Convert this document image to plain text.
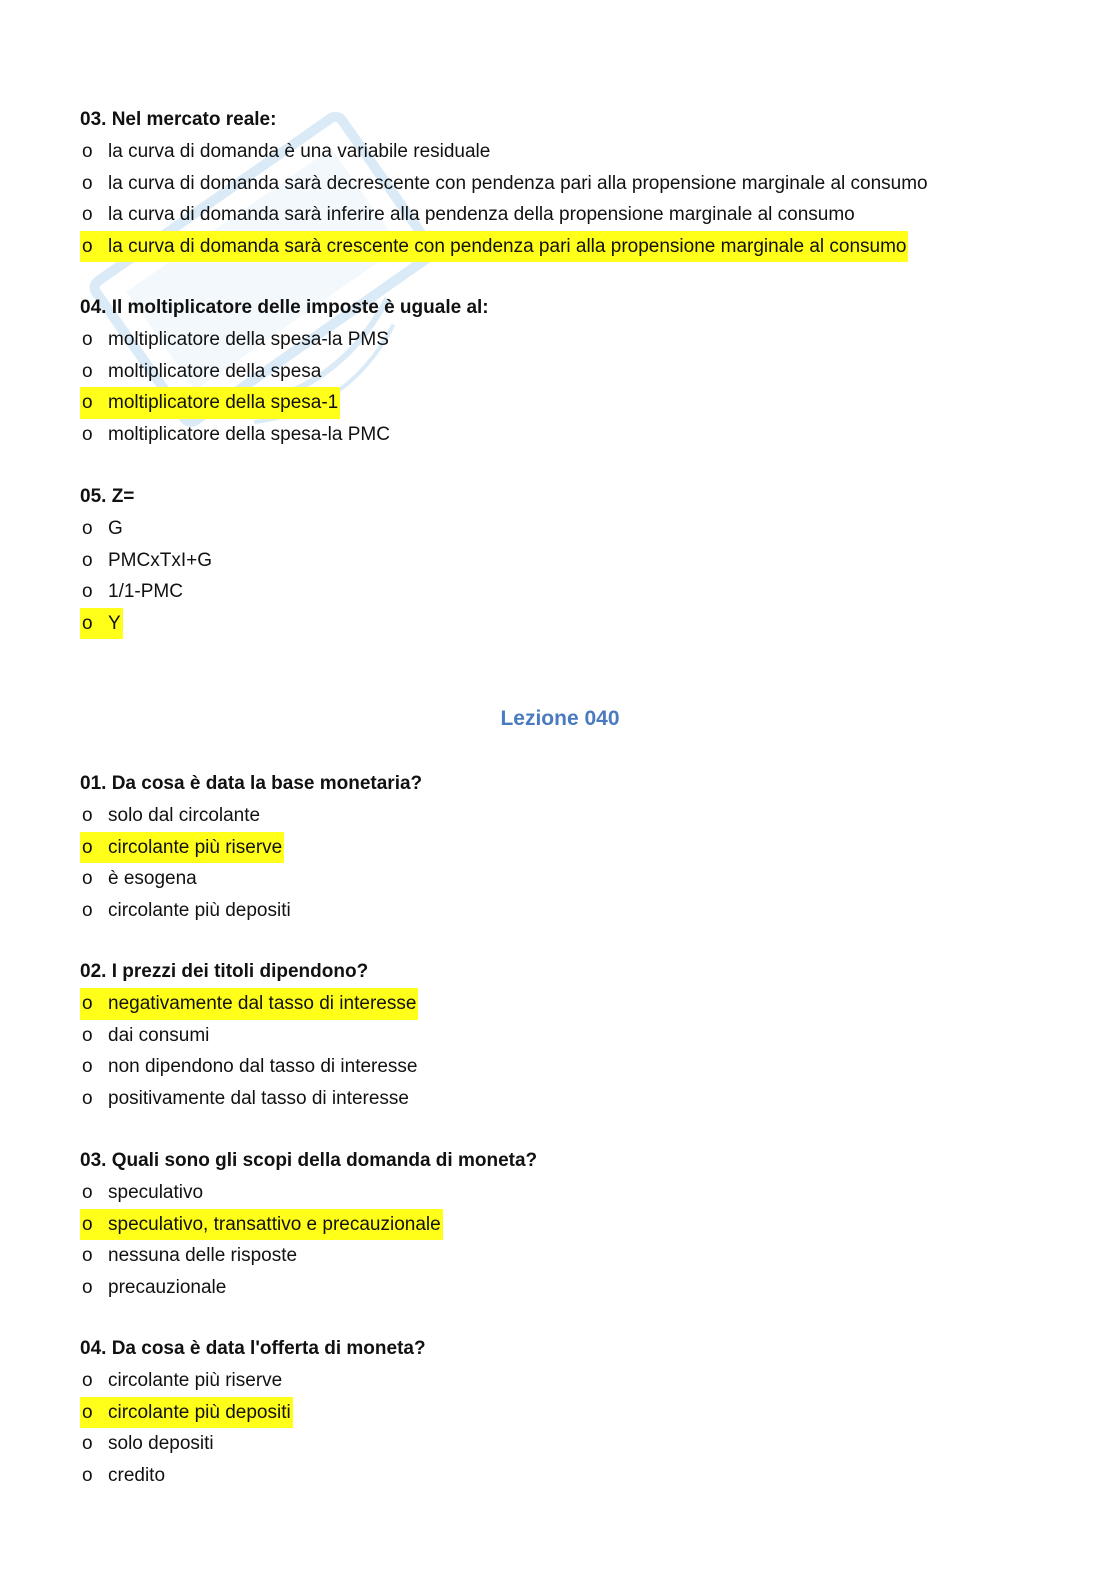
03. Nel mercato reale:

o la curva di domanda è una variabile residuale
o la curva di domanda sarà decrescente con pendenza pari alla propensione marginale al consumo
o la curva di domanda sarà inferire alla pendenza della propensione marginale al consumo
o la curva di domanda sarà crescente con pendenza pari alla propensione marginale al consumo

04. Il moltiplicatore delle imposte è uguale al:

o moltiplicatore della spesa-la PMS
o moltiplicatore della spesa
o moltiplicatore della spesa-1
o moltiplicatore della spesa-la PMC

05. Z=

o G
o PMCxTxI+G
o 1/1-PMC
o Y
Lezione 040

01. Da cosa è data la base monetaria?

o solo dal circolante
o circolante più riserve
o è esogena
o circolante più depositi

02. I prezzi dei titoli dipendono?

o negativamente dal tasso di interesse
o dai consumi
o non dipendono dal tasso di interesse
o positivamente dal tasso di interesse

03. Quali sono gli scopi della domanda di moneta?

o speculativo
o speculativo, transattivo e precauzionale
o nessuna delle risposte
o precauzionale

04. Da cosa è data l'offerta di moneta?

o circolante più riserve
o circolante più depositi
o solo depositi
o credito
